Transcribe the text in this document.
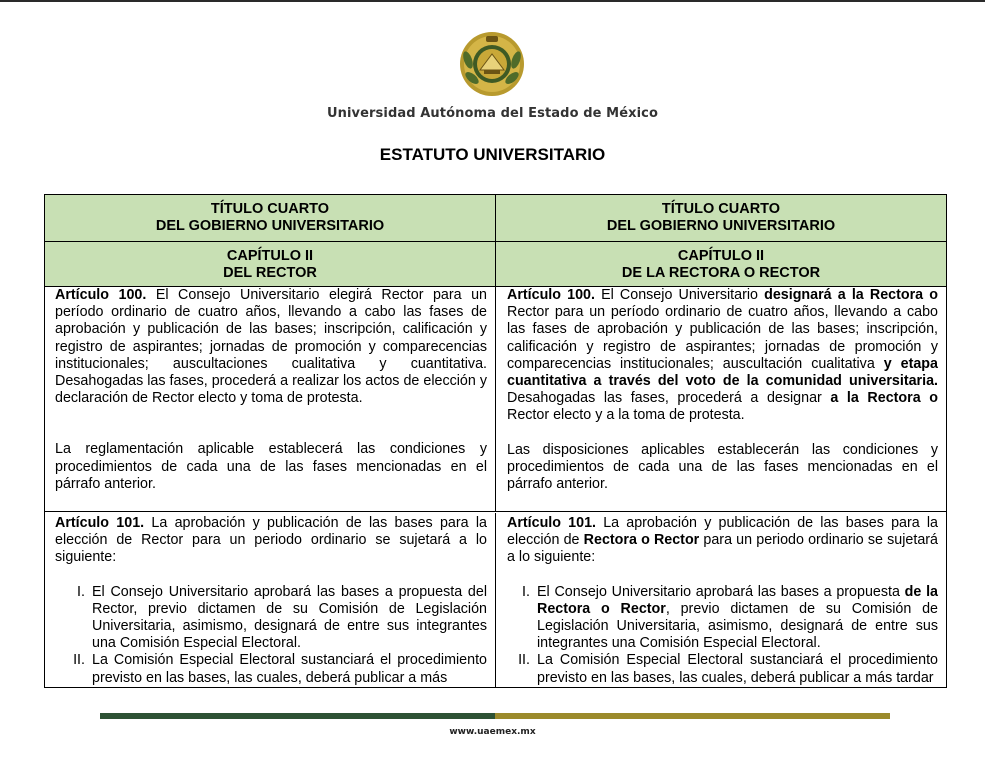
Universidad Autónoma del Estado de México
ESTATUTO UNIVERSITARIO
TÍTULO CUARTO
DEL GOBIERNO UNIVERSITARIO
TÍTULO CUARTO
DEL GOBIERNO UNIVERSITARIO
CAPÍTULO II
DEL RECTOR
CAPÍTULO II
DE LA RECTORA O RECTOR

Artículo 100. El Consejo Universitario elegirá Rector para un período ordinario de cuatro años, llevando a cabo las fases de aprobación y publicación de las bases; inscripción, calificación y registro de aspirantes; jornadas de promoción y comparecencias institucionales; auscultaciones cualitativa y cuantitativa. Desahogadas las fases, procederá a realizar los actos de elección y declaración de Rector electo y toma de protesta.

La reglamentación aplicable establecerá las condiciones y procedimientos de cada una de las fases mencionadas en el párrafo anterior.

Artículo 100. El Consejo Universitario designará a la Rectora o Rector para un período ordinario de cuatro años, llevando a cabo las fases de aprobación y publicación de las bases; inscripción, calificación y registro de aspirantes; jornadas de promoción y comparecencias institucionales; auscultación cualitativa y etapa cuantitativa a través del voto de la comunidad universitaria. Desahogadas las fases, procederá a designar a la Rectora o Rector electo y a la toma de protesta.

Las disposiciones aplicables establecerán las condiciones y procedimientos de cada una de las fases mencionadas en el párrafo anterior.

Artículo 101. La aprobación y publicación de las bases para la elección de Rector para un periodo ordinario se sujetará a lo siguiente:

I. El Consejo Universitario aprobará las bases a propuesta del Rector, previo dictamen de su Comisión de Legislación Universitaria, asimismo, designará de entre sus integrantes una Comisión Especial Electoral.
II. La Comisión Especial Electoral sustanciará el procedimiento previsto en las bases, las cuales, deberá publicar a más

Artículo 101. La aprobación y publicación de las bases para la elección de Rectora o Rector para un periodo ordinario se sujetará a lo siguiente:

I. El Consejo Universitario aprobará las bases a propuesta de la Rectora o Rector, previo dictamen de su Comisión de Legislación Universitaria, asimismo, designará de entre sus integrantes una Comisión Especial Electoral.
II. La Comisión Especial Electoral sustanciará el procedimiento previsto en las bases, las cuales, deberá publicar a más tardar
www.uaemex.mx
